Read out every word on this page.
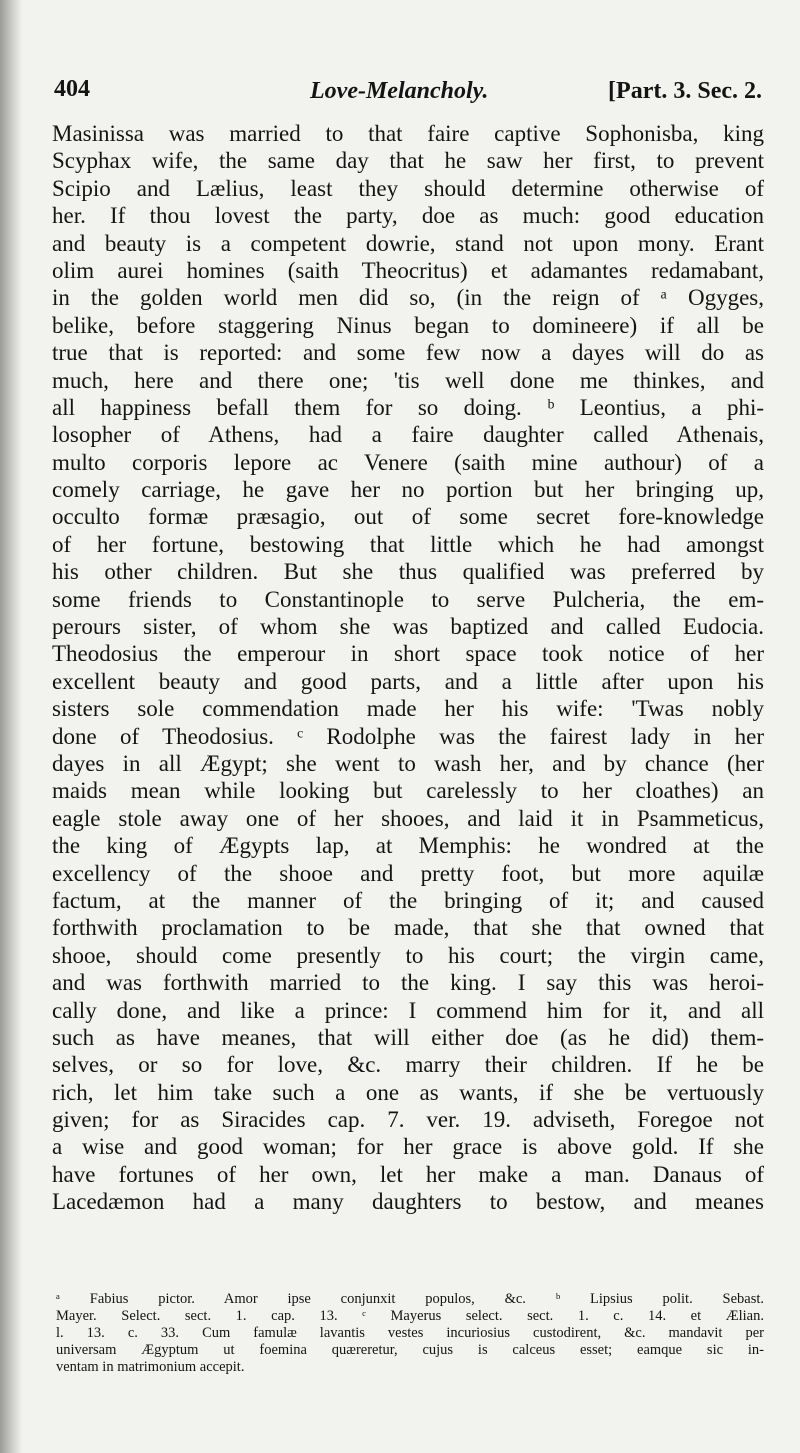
404	Love-Melancholy.	[Part. 3. Sec. 2.
Masinissa was married to that faire captive Sophonisba, king
Scyphax wife, the same day that he saw her first, to prevent
Scipio and Lælius, least they should determine otherwise of
her. If thou lovest the party, doe as much: good education
and beauty is a competent dowrie, stand not upon mony. Erant
olim aurei homines (saith Theocritus) et adamantes redamabant,
in the golden world men did so, (in the reign of ᵃ Ogyges,
belike, before staggering Ninus began to domineere) if all be
true that is reported: and some few now a dayes will do as
much, here and there one; 'tis well done me thinkes, and
all happiness befall them for so doing. ᵇ Leontius, a phi-
losopher of Athens, had a faire daughter called Athenais,
multo corporis lepore ac Venere (saith mine authour) of a
comely carriage, he gave her no portion but her bringing up,
occulto formæ præsagio, out of some secret fore-knowledge
of her fortune, bestowing that little which he had amongst
his other children. But she thus qualified was preferred by
some friends to Constantinople to serve Pulcheria, the em-
perours sister, of whom she was baptized and called Eudocia.
Theodosius the emperour in short space took notice of her
excellent beauty and good parts, and a little after upon his
sisters sole commendation made her his wife: 'Twas nobly
done of Theodosius. ᶜ Rodolphe was the fairest lady in her
dayes in all Ægypt; she went to wash her, and by chance (her
maids mean while looking but carelessly to her cloathes) an
eagle stole away one of her shooes, and laid it in Psammeticus,
the king of Ægypts lap, at Memphis: he wondred at the
excellency of the shooe and pretty foot, but more aquilæ
factum, at the manner of the bringing of it; and caused
forthwith proclamation to be made, that she that owned that
shooe, should come presently to his court; the virgin came,
and was forthwith married to the king. I say this was heroi-
cally done, and like a prince: I commend him for it, and all
such as have meanes, that will either doe (as he did) them-
selves, or so for love, &c. marry their children. If he be
rich, let him take such a one as wants, if she be vertuously
given; for as Siracides cap. 7. ver. 19. adviseth, Foregoe not
a wise and good woman; for her grace is above gold. If she
have fortunes of her own, let her make a man. Danaus of
Lacedæmon had a many daughters to bestow, and meanes
ᵃ Fabius pictor. Amor ipse conjunxit populos, &c. ᵇ Lipsius polit. Sebast.
Mayer. Select. sect. 1. cap. 13. ᶜ Mayerus select. sect. 1. c. 14. et Ælian.
l. 13. c. 33. Cum famulæ lavantis vestes incuriosius custodirent, &c. mandavit per
universam Ægyptum ut foemina quæreretur, cujus is calceus esset; eamque sic in-
ventam in matrimonium accepit.
